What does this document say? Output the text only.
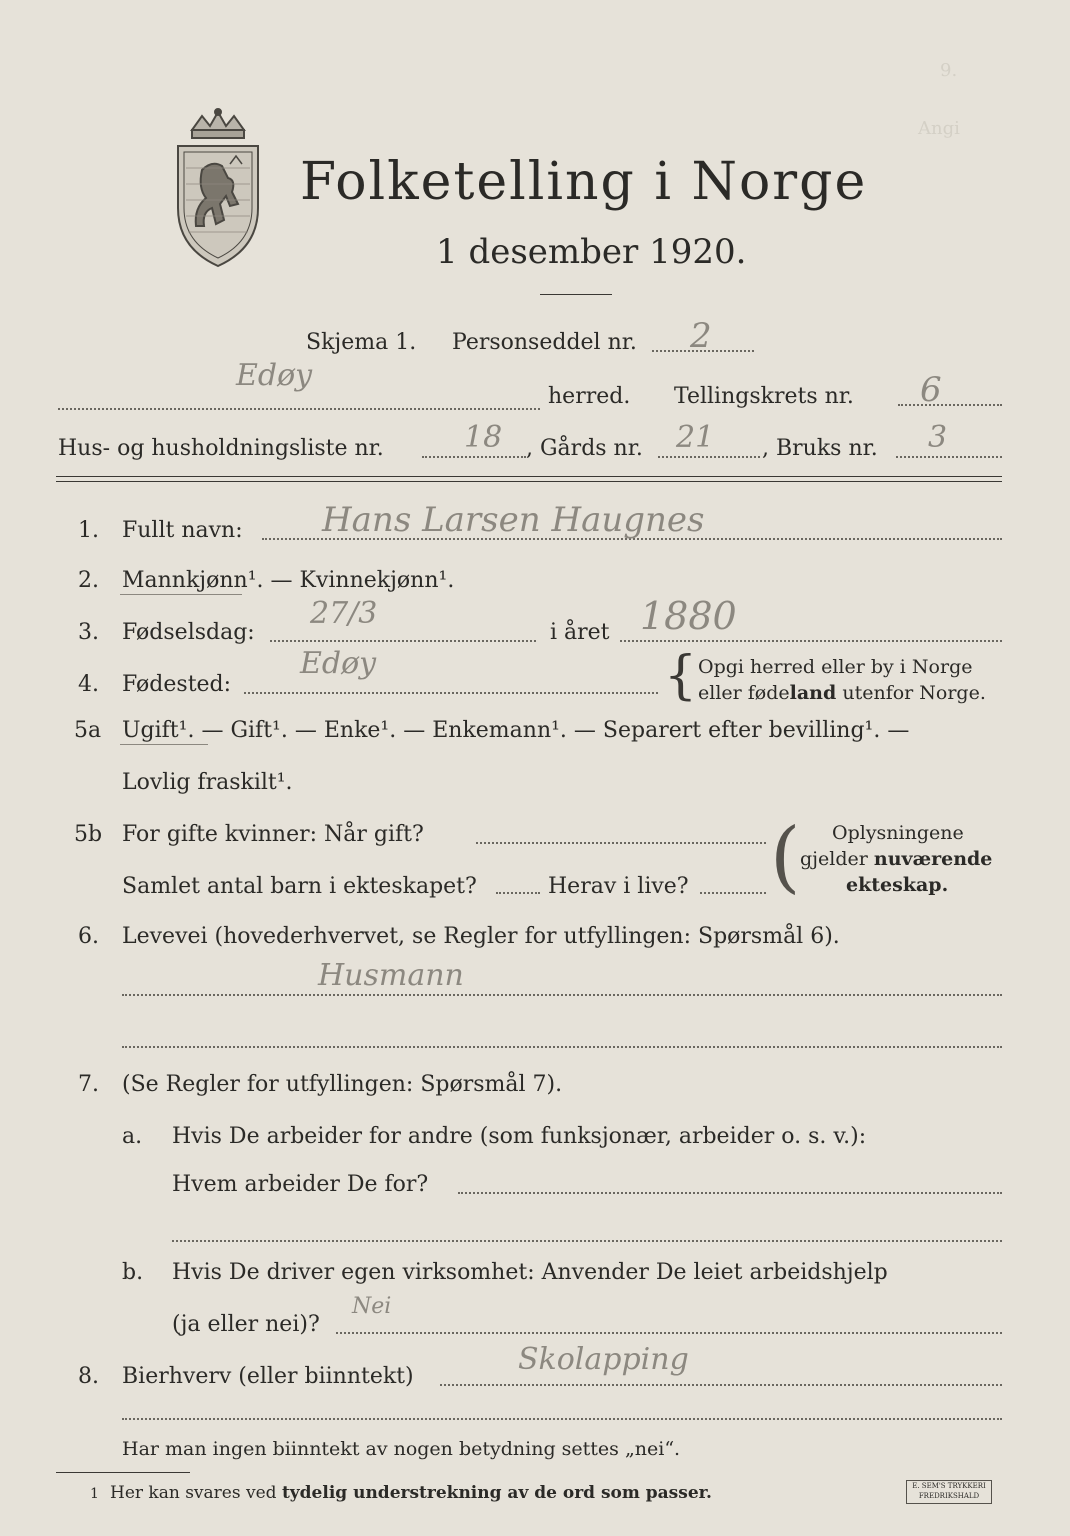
Folketelling i Norge
1 desember 1920.
9.
Angi
Skjema 1. Personseddel nr. 2
Edøy
herred. Tellingskrets nr. 6
Hus- og husholdningsliste nr.	18 , Gårds nr. 21 , Bruks nr. 3
1. Fullt navn: Hans Larsen Haugnes
2. Mannkjønn¹. — Kvinnekjønn¹.
3. Fødselsdag:
27/3
i året 1880
4. Fødested:
Edøy	{ Opgi herred eller by i Norge
eller fødeland utenfor Norge.
5a Ugift¹. — Gift¹. — Enke¹. — Enkemann¹. — Separert efter bevilling¹. —
Lovlig fraskilt¹.
5b For gifte kvinner: Når gift?
Samlet antal barn i ekteskapet?	Herav i live? ( Oplysningene
gjelder nuværende
ekteskap.
6. Levevei (hovederhvervet, se Regler for utfyllingen: Spørsmål 6).
Husmann
7. (Se Regler for utfyllingen: Spørsmål 7).
a. Hvis De arbeider for andre (som funksjonær, arbeider o. s. v.):
Hvem arbeider De for?
b. Hvis De driver egen virksomhet: Anvender De leiet arbeidshjelp
(ja eller nei)?
Nei
8. Bierhverv (eller biinntekt)	Skolapping
Har man ingen biinntekt av nogen betydning settes „nei“.
1 Her kan svares ved tydelig understrekning av de ord som passer.	E. SEM'S TRYKKERI
FREDRIKSHALD
